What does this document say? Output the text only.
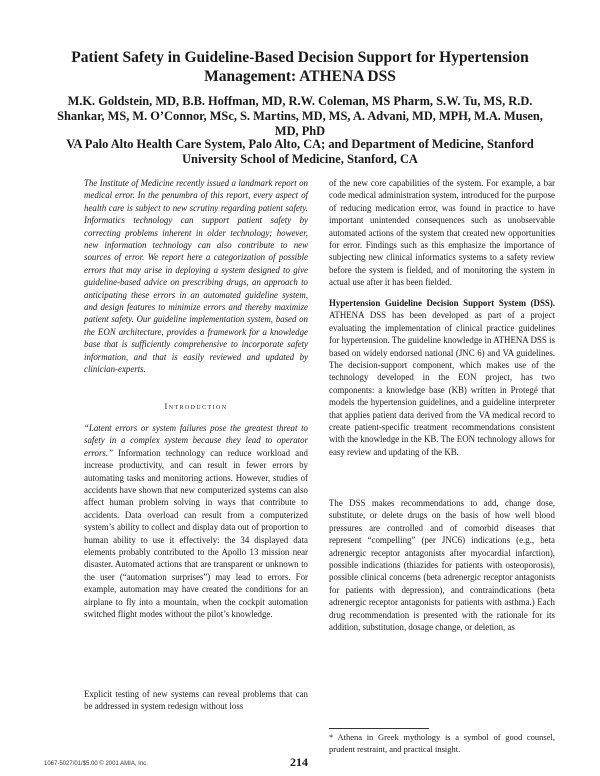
Patient Safety in Guideline-Based Decision Support for Hypertension Management: ATHENA DSS
M.K. Goldstein, MD, B.B. Hoffman, MD, R.W. Coleman, MS Pharm, S.W. Tu, MS, R.D. Shankar, MS, M. O’Connor, MSc, S. Martins, MD, MS, A. Advani, MD, MPH, M.A. Musen, MD, PhD
VA Palo Alto Health Care System, Palo Alto, CA; and Department of Medicine, Stanford University School of Medicine, Stanford, CA

The Institute of Medicine recently issued a landmark report on medical error. In the penumbra of this report, every aspect of health care is subject to new scrutiny regarding patient safety. Informatics technology can support patient safety by correcting problems inherent in older technology; however, new information technology can also contribute to new sources of error. We report here a categorization of possible errors that may arise in deploying a system designed to give guideline-based advice on prescribing drugs, an approach to anticipating these errors in an automated guideline system, and design features to minimize errors and thereby maximize patient safety. Our guideline implementation system, based on the EON architecture, provides a framework for a knowledge base that is sufficiently comprehensive to incorporate safety information, and that is easily reviewed and updated by clinician-experts.

Introduction

“Latent errors or system failures pose the greatest threat to safety in a complex system because they lead to operator errors.” Information technology can reduce workload and increase productivity, and can result in fewer errors by automating tasks and monitoring actions. However, studies of accidents have shown that new computerized systems can also affect human problem solving in ways that contribute to accidents. Data overload can result from a computerized system’s ability to collect and display data out of proportion to human ability to use it effectively: the 34 displayed data elements probably contributed to the Apollo 13 mission near disaster. Automated actions that are transparent or unknown to the user (“automation surprises”) may lead to errors. For example, automation may have created the conditions for an airplane to fly into a mountain, when the cockpit automation switched flight modes without the pilot’s knowledge.

Explicit testing of new systems can reveal problems that can be addressed in system redesign without loss

of the new core capabilities of the system. For example, a bar code medical administration system, introduced for the purpose of reducing medication error, was found in practice to have important unintended consequences such as unobservable automated actions of the system that created new opportunities for error. Findings such as this emphasize the importance of subjecting new clinical informatics systems to a safety review before the system is fielded, and of monitoring the system in actual use after it has been fielded.

Hypertension Guideline Decision Support System (DSS). ATHENA DSS has been developed as part of a project evaluating the implementation of clinical practice guidelines for hypertension. The guideline knowledge in ATHENA DSS is based on widely endorsed national (JNC 6) and VA guidelines. The decision-support component, which makes use of the technology developed in the EON project, has two components: a knowledge base (KB) written in Protegé that models the hypertension guidelines, and a guideline interpreter that applies patient data derived from the VA medical record to create patient-specific treatment recommendations consistent with the knowledge in the KB. The EON technology allows for easy review and updating of the KB.

The DSS makes recommendations to add, change dose, substitute, or delete drugs on the basis of how well blood pressures are controlled and of comorbid diseases that represent “compelling” (per JNC6) indications (e.g., beta adrenergic receptor antagonists after myocardial infarction), possible indications (thiazides for patients with osteoporosis), possible clinical concerns (beta adrenergic receptor antagonists for patients with depression), and contraindications (beta adrenergic receptor antagonists for patients with asthma.) Each drug recommendation is presented with the rationale for its addition, substitution, dosage change, or deletion, as

* Athena in Greek mythology is a symbol of good counsel, prudent restraint, and practical insight.
1067-5027/01/$5.00 © 2001 AMIA, Inc.	214
